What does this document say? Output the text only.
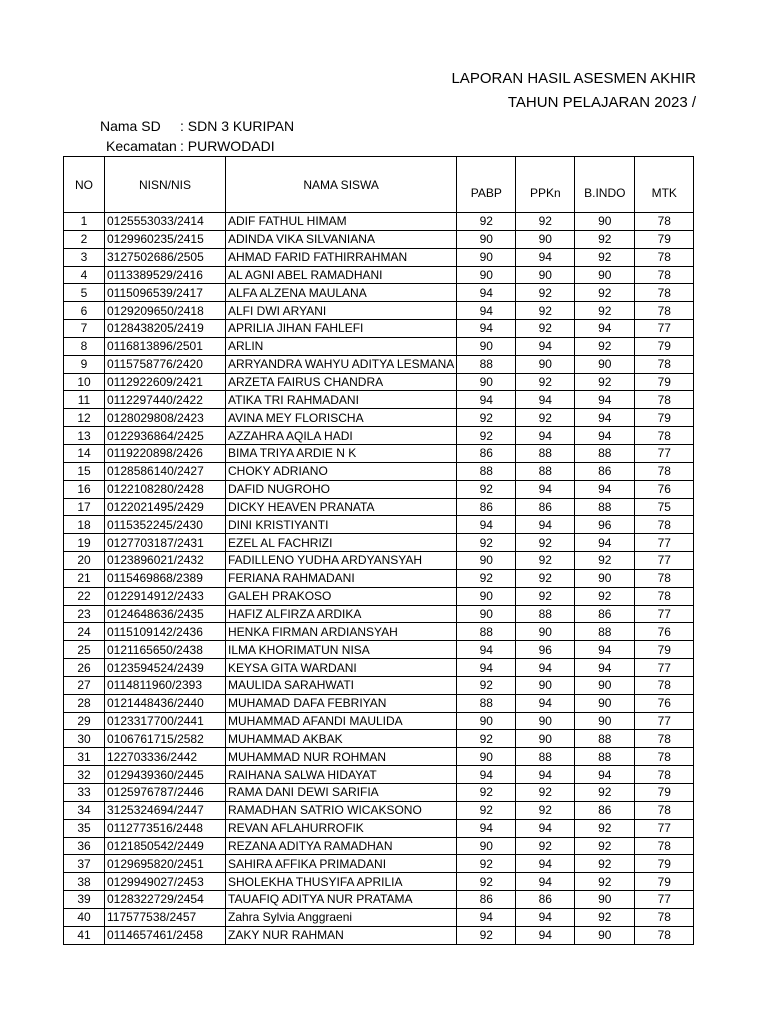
LAPORAN HASIL ASESMEN AKHIR
TAHUN PELAJARAN 2023 /
Nama SD : SDN 3 KURIPAN
Kecamatan : PURWODADI
NO	NISN/NIS	NAMA SISWA	PABP	PPKn	B.INDO	MTK
1	0125553033/2414	ADIF FATHUL HIMAM	92	92	90	78
2	0129960235/2415	ADINDA VIKA SILVANIANA	90	90	92	79
3	3127502686/2505	AHMAD FARID FATHIRRAHMAN	90	94	92	78
4	0113389529/2416	AL AGNI ABEL RAMADHANI	90	90	90	78
5	0115096539/2417	ALFA ALZENA MAULANA	94	92	92	78
6	0129209650/2418	ALFI DWI ARYANI	94	92	92	78
7	0128438205/2419	APRILIA JIHAN FAHLEFI	94	92	94	77
8	0116813896/2501	ARLIN	90	94	92	79
9	0115758776/2420	ARRYANDRA WAHYU ADITYA LESMANA	88	90	90	78
10	0112922609/2421	ARZETA FAIRUS CHANDRA	90	92	92	79
11	0112297440/2422	ATIKA TRI RAHMADANI	94	94	94	78
12	0128029808/2423	AVINA MEY FLORISCHA	92	92	94	79
13	0122936864/2425	AZZAHRA AQILA HADI	92	94	94	78
14	0119220898/2426	BIMA TRIYA ARDIE N K	86	88	88	77
15	0128586140/2427	CHOKY ADRIANO	88	88	86	78
16	0122108280/2428	DAFID NUGROHO	92	94	94	76
17	0122021495/2429	DICKY HEAVEN PRANATA	86	86	88	75
18	0115352245/2430	DINI KRISTIYANTI	94	94	96	78
19	0127703187/2431	EZEL AL FACHRIZI	92	92	94	77
20	0123896021/2432	FADILLENO YUDHA ARDYANSYAH	90	92	92	77
21	0115469868/2389	FERIANA RAHMADANI	92	92	90	78
22	0122914912/2433	GALEH PRAKOSO	90	92	92	78
23	0124648636/2435	HAFIZ ALFIRZA ARDIKA	90	88	86	77
24	0115109142/2436	HENKA FIRMAN ARDIANSYAH	88	90	88	76
25	0121165650/2438	ILMA KHORIMATUN NISA	94	96	94	79
26	0123594524/2439	KEYSA GITA WARDANI	94	94	94	77
27	0114811960/2393	MAULIDA SARAHWATI	92	90	90	78
28	0121448436/2440	MUHAMAD DAFA FEBRIYAN	88	94	90	76
29	0123317700/2441	MUHAMMAD AFANDI MAULIDA	90	90	90	77
30	0106761715/2582	MUHAMMAD AKBAK	92	90	88	78
31	122703336/2442	MUHAMMAD NUR ROHMAN	90	88	88	78
32	0129439360/2445	RAIHANA SALWA HIDAYAT	94	94	94	78
33	0125976787/2446	RAMA DANI DEWI SARIFIA	92	92	92	79
34	3125324694/2447	RAMADHAN SATRIO WICAKSONO	92	92	86	78
35	0112773516/2448	REVAN AFLAHURROFIK	94	94	92	77
36	0121850542/2449	REZANA ADITYA RAMADHAN	90	92	92	78
37	0129695820/2451	SAHIRA AFFIKA PRIMADANI	92	94	92	79
38	0129949027/2453	SHOLEKHA THUSYIFA APRILIA	92	94	92	79
39	0128322729/2454	TAUAFIQ ADITYA NUR PRATAMA	86	86	90	77
40	117577538/2457	Zahra Sylvia Anggraeni	94	94	92	78
41	0114657461/2458	ZAKY NUR RAHMAN	92	94	90	78
